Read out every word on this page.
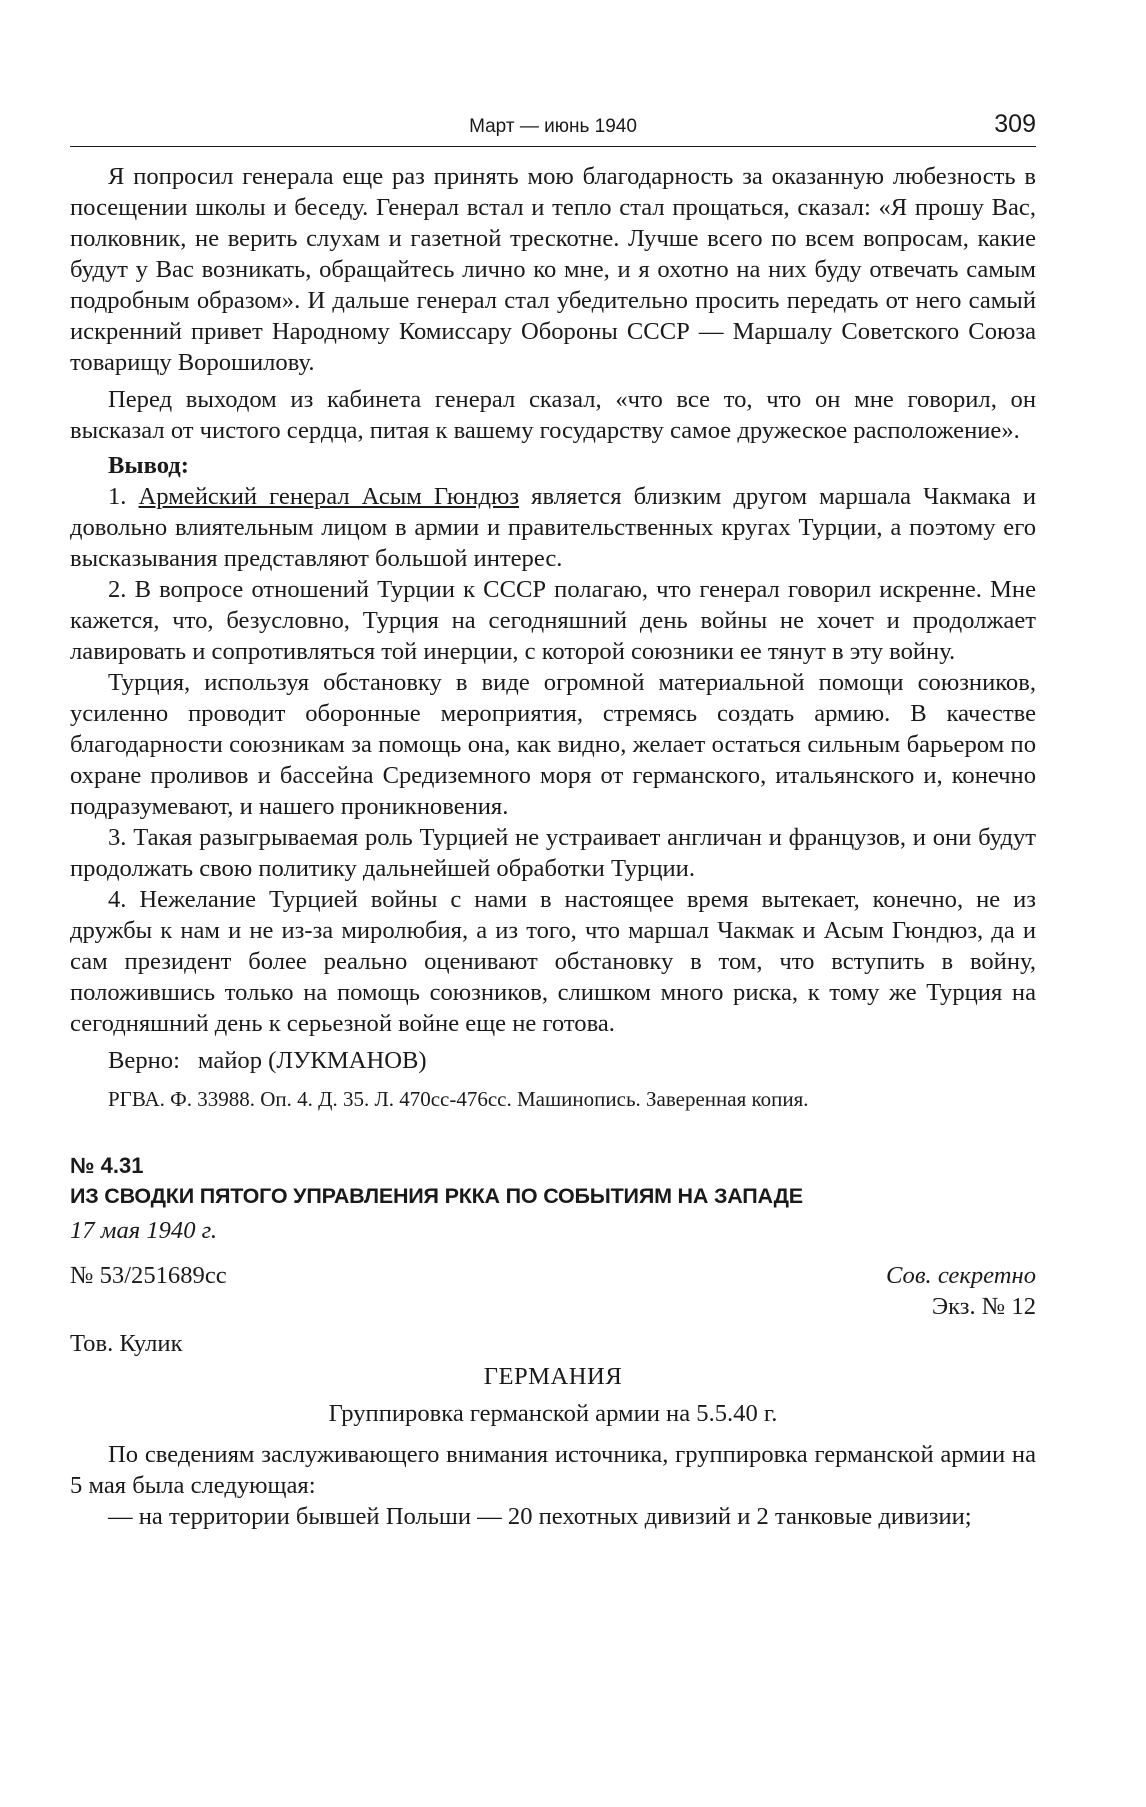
Март — июнь 1940	309

Я попросил генерала еще раз принять мою благодарность за оказанную любезность в посещении школы и беседу. Генерал встал и тепло стал прощаться, сказал: «Я прошу Вас, полковник, не верить слухам и газетной трескотне. Лучше всего по всем вопросам, какие будут у Вас возникать, обращайтесь лично ко мне, и я охотно на них буду отвечать самым подробным образом». И дальше генерал стал убедительно просить передать от него самый искренний привет Народному Комиссару Обороны СССР — Маршалу Советского Союза товарищу Ворошилову.

Перед выходом из кабинета генерал сказал, «что все то, что он мне говорил, он высказал от чистого сердца, питая к вашему государству самое дружеское расположение».

Вывод:

1. Армейский генерал Асым Гюндюз является близким другом маршала Чакмака и довольно влиятельным лицом в армии и правительственных кругах Турции, а поэтому его высказывания представляют большой интерес.

2. В вопросе отношений Турции к СССР полагаю, что генерал говорил искренне. Мне кажется, что, безусловно, Турция на сегодняшний день войны не хочет и продолжает лавировать и сопротивляться той инерции, с которой союзники ее тянут в эту войну.

Турция, используя обстановку в виде огромной материальной помощи союзников, усиленно проводит оборонные мероприятия, стремясь создать армию. В качестве благодарности союзникам за помощь она, как видно, желает остаться сильным барьером по охране проливов и бассейна Средиземного моря от германского, итальянского и, конечно подразумевают, и нашего проникновения.

3. Такая разыгрываемая роль Турцией не устраивает англичан и французов, и они будут продолжать свою политику дальнейшей обработки Турции.

4. Нежелание Турцией войны с нами в настоящее время вытекает, конечно, не из дружбы к нам и не из-за миролюбия, а из того, что маршал Чакмак и Асым Гюндюз, да и сам президент более реально оценивают обстановку в том, что вступить в войну, положившись только на помощь союзников, слишком много риска, к тому же Турция на сегодняшний день к серьезной войне еще не готова.

Верно: майор (ЛУКМАНОВ)
РГВА. Ф. 33988. Оп. 4. Д. 35. Л. 470сс-476сс. Машинопись. Заверенная копия.
№ 4.31
ИЗ СВОДКИ ПЯТОГО УПРАВЛЕНИЯ РККА ПО СОБЫТИЯМ НА ЗАПАДЕ
17 мая 1940 г.
№ 53/251689сс	Сов. секретно
Экз. № 12
Тов. Кулик
ГЕРМАНИЯ
Группировка германской армии на 5.5.40 г.

По сведениям заслуживающего внимания источника, группировка германской армии на 5 мая была следующая:

— на территории бывшей Польши — 20 пехотных дивизий и 2 танковые дивизии;
